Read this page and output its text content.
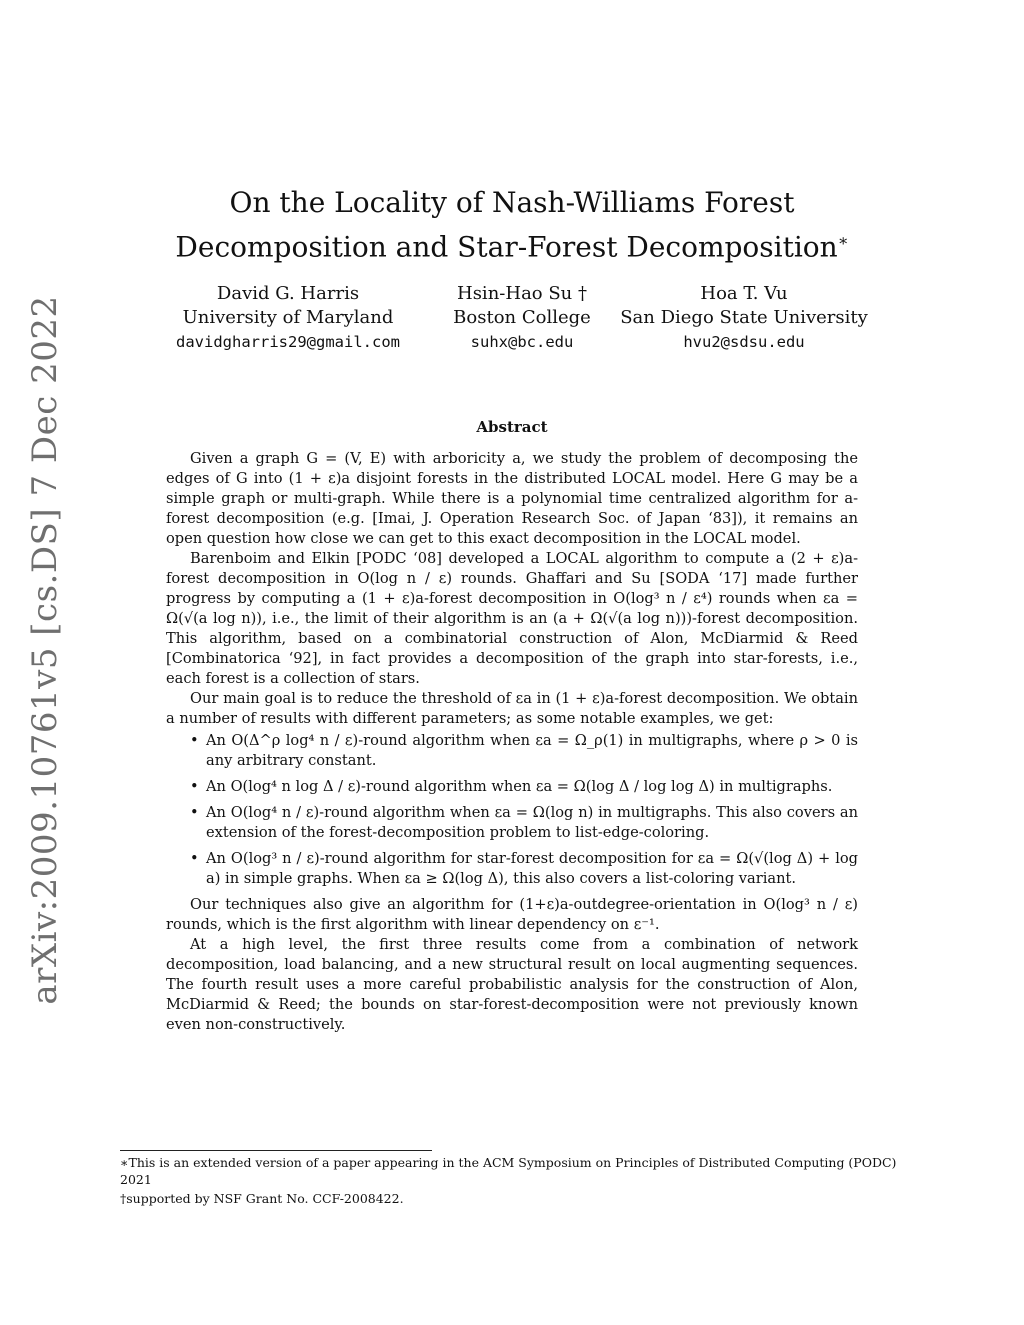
arXiv:2009.10761v5 [cs.DS] 7 Dec 2022
On the Locality of Nash-Williams Forest Decomposition and Star-Forest Decomposition∗
David G. Harris
University of Maryland
davidgharris29@gmail.com
Hsin-Hao Su †
Boston College
suhx@bc.edu
Hoa T. Vu
San Diego State University
hvu2@sdsu.edu
Abstract

Given a graph G = (V, E) with arboricity a, we study the problem of decomposing the edges of G into (1 + ε)a disjoint forests in the distributed LOCAL model. Here G may be a simple graph or multi-graph. While there is a polynomial time centralized algorithm for a-forest decomposition (e.g. [Imai, J. Operation Research Soc. of Japan ‘83]), it remains an open question how close we can get to this exact decomposition in the LOCAL model.

Barenboim and Elkin [PODC ‘08] developed a LOCAL algorithm to compute a (2 + ε)a-forest decomposition in O(log n / ε) rounds. Ghaffari and Su [SODA ‘17] made further progress by computing a (1 + ε)a-forest decomposition in O(log³ n / ε⁴) rounds when εa = Ω(√(a log n)), i.e., the limit of their algorithm is an (a + Ω(√(a log n)))-forest decomposition. This algorithm, based on a combinatorial construction of Alon, McDiarmid & Reed [Combinatorica ‘92], in fact provides a decomposition of the graph into star-forests, i.e., each forest is a collection of stars.

Our main goal is to reduce the threshold of εa in (1 + ε)a-forest decomposition. We obtain a number of results with different parameters; as some notable examples, we get:

• An O(Δ^ρ log⁴ n / ε)-round algorithm when εa = Ω_ρ(1) in multigraphs, where ρ > 0 is any arbitrary constant.
• An O(log⁴ n log Δ / ε)-round algorithm when εa = Ω(log Δ / log log Δ) in multigraphs.
• An O(log⁴ n / ε)-round algorithm when εa = Ω(log n) in multigraphs. This also covers an extension of the forest-decomposition problem to list-edge-coloring.
• An O(log³ n / ε)-round algorithm for star-forest decomposition for εa = Ω(√(log Δ) + log a) in simple graphs. When εa ≥ Ω(log Δ), this also covers a list-coloring variant.

Our techniques also give an algorithm for (1+ε)a-outdegree-orientation in O(log³ n / ε) rounds, which is the first algorithm with linear dependency on ε⁻¹.

At a high level, the first three results come from a combination of network decomposition, load balancing, and a new structural result on local augmenting sequences. The fourth result uses a more careful probabilistic analysis for the construction of Alon, McDiarmid & Reed; the bounds on star-forest-decomposition were not previously known even non-constructively.

∗This is an extended version of a paper appearing in the ACM Symposium on Principles of Distributed Computing (PODC) 2021
†supported by NSF Grant No. CCF-2008422.
